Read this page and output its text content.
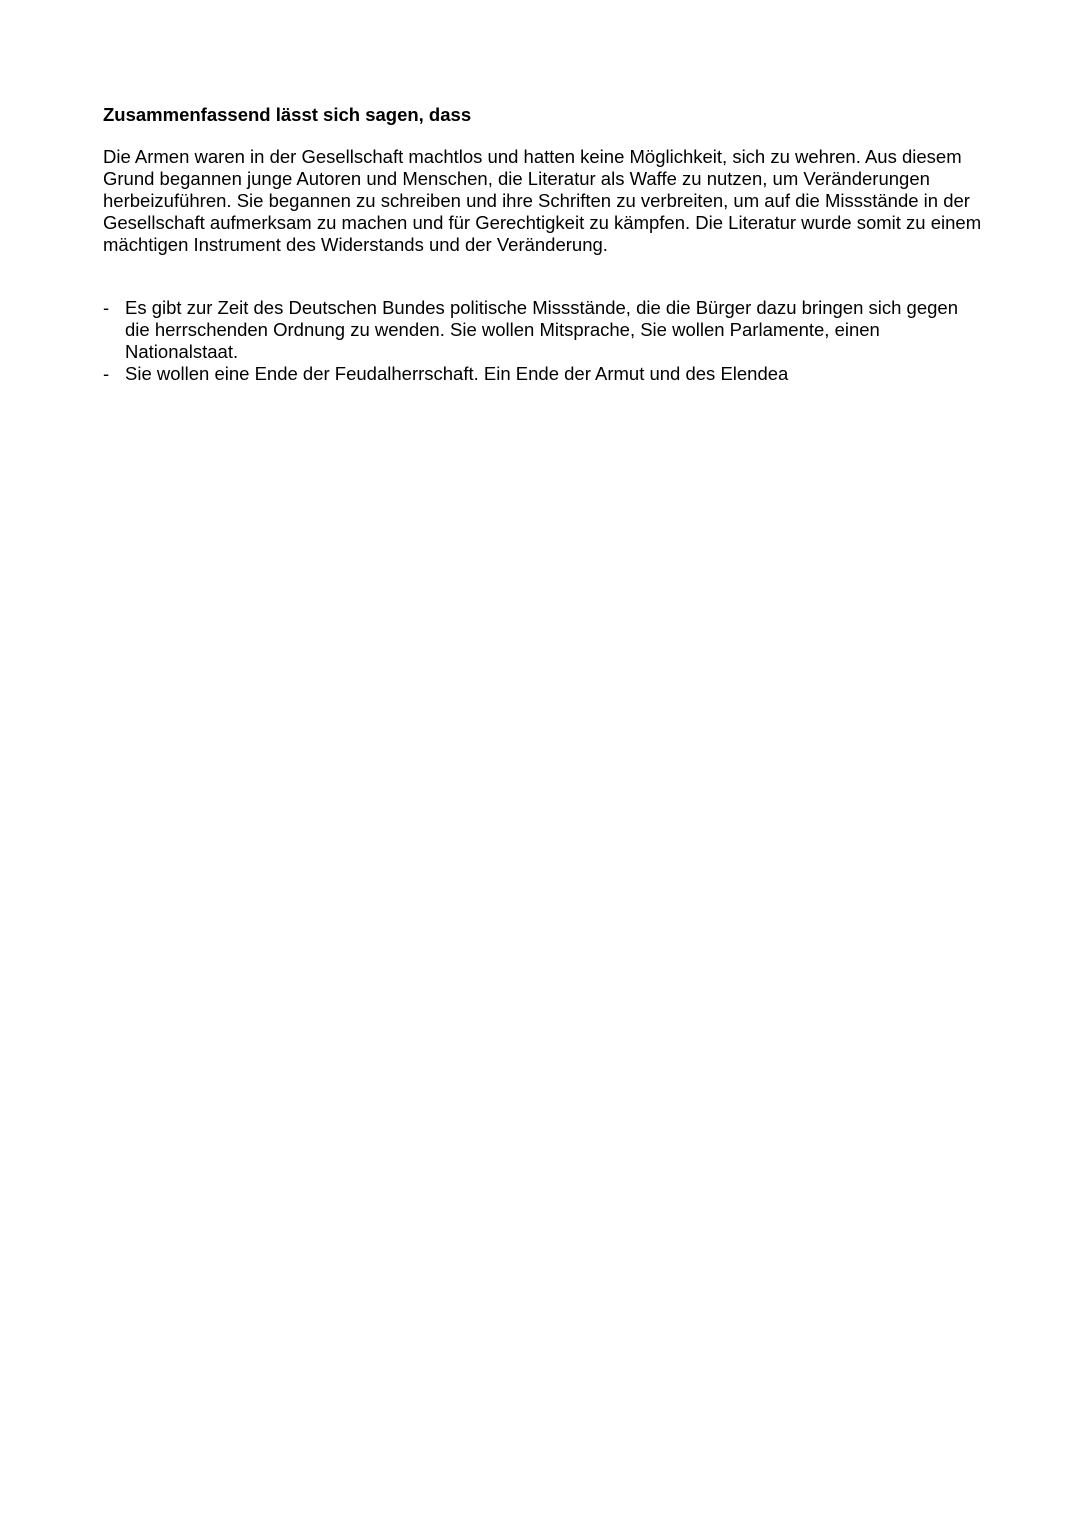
Zusammenfassend lässt sich sagen, dass

Die Armen waren in der Gesellschaft machtlos und hatten keine Möglichkeit, sich zu wehren. Aus diesem Grund begannen junge Autoren und Menschen, die Literatur als Waffe zu nutzen, um Veränderungen herbeizuführen. Sie begannen zu schreiben und ihre Schriften zu verbreiten, um auf die Missstände in der Gesellschaft aufmerksam zu machen und für Gerechtigkeit zu kämpfen. Die Literatur wurde somit zu einem mächtigen Instrument des Widerstands und der Veränderung.

- Es gibt zur Zeit des Deutschen Bundes politische Missstände, die die Bürger dazu bringen sich gegen die herrschenden Ordnung zu wenden. Sie wollen Mitsprache, Sie wollen Parlamente, einen Nationalstaat.
- Sie wollen eine Ende der Feudalherrschaft. Ein Ende der Armut und des Elendea
